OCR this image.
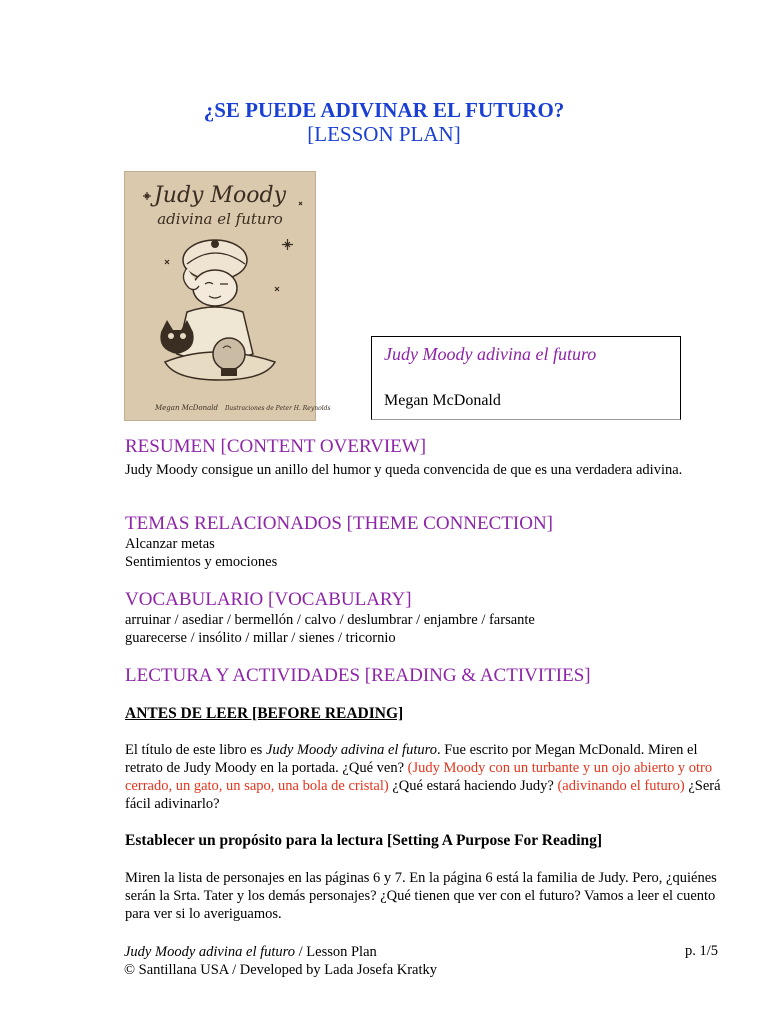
¿SE PUEDE ADIVINAR EL FUTURO?
[LESSON PLAN]
Judy Moody
adivina el futuro
Megan McDonald Ilustraciones de Peter H. Reynolds
Judy Moody adivina el futuro
Megan McDonald
RESUMEN [CONTENT OVERVIEW]
Judy Moody consigue un anillo del humor y queda convencida de que es una verdadera adivina.
TEMAS RELACIONADOS [THEME CONNECTION]
Alcanzar metas
Sentimientos y emociones
VOCABULARIO [VOCABULARY]
arruinar / asediar / bermellón / calvo / deslumbrar / enjambre / farsante
guarecerse / insólito / millar / sienes / tricornio
LECTURA Y ACTIVIDADES [READING & ACTIVITIES]
ANTES DE LEER [BEFORE READING]
El título de este libro es Judy Moody adivina el futuro. Fue escrito por Megan McDonald. Miren el retrato de Judy Moody en la portada. ¿Qué ven? (Judy Moody con un turbante y un ojo abierto y otro cerrado, un gato, un sapo, una bola de cristal) ¿Qué estará haciendo Judy? (adivinando el futuro) ¿Será fácil adivinarlo?
Establecer un propósito para la lectura [Setting A Purpose For Reading]
Miren la lista de personajes en las páginas 6 y 7. En la página 6 está la familia de Judy. Pero, ¿quiénes serán la Srta. Tater y los demás personajes? ¿Qué tienen que ver con el futuro? Vamos a leer el cuento para ver si lo averiguamos.
Judy Moody adivina el futuro / Lesson Plan	p. 1/5
© Santillana USA / Developed by Lada Josefa Kratky
